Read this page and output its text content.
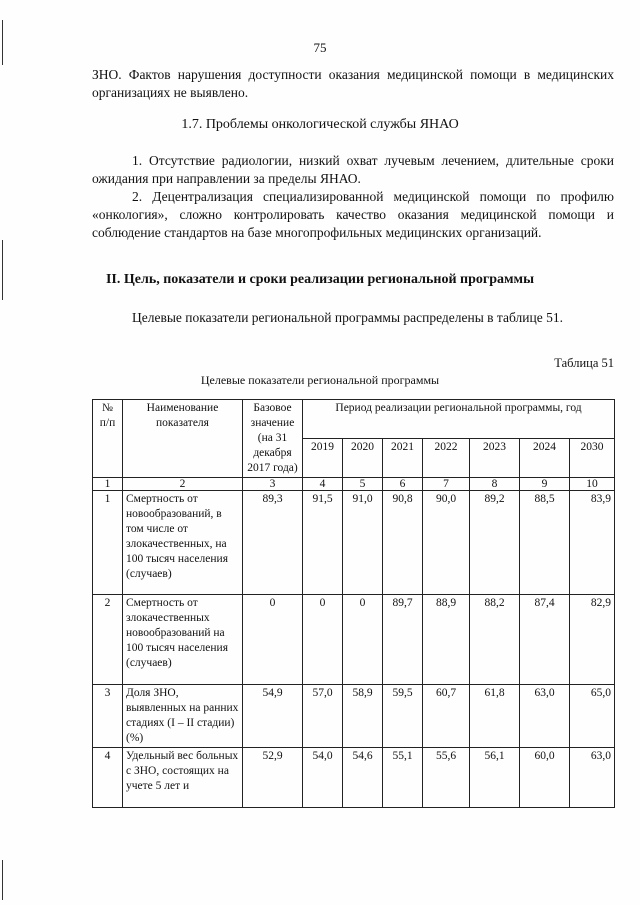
75
ЗНО. Фактов нарушения доступности оказания медицинской помощи в медицинских организациях не выявлено.
1.7. Проблемы онкологической службы ЯНАО
1. Отсутствие радиологии, низкий охват лучевым лечением, длительные сроки ожидания при направлении за пределы ЯНАО.
2. Децентрализация специализированной медицинской помощи по профилю «онкология», сложно контролировать качество оказания медицинской помощи и соблюдение стандартов на базе многопрофильных медицинских организаций.
II. Цель, показатели и сроки реализации региональной программы
Целевые показатели региональной программы распределены в таблице 51.
Таблица 51
Целевые показатели региональной программы
№ п/п	Наименование показателя	Базовое значение (на 31 декабря 2017 года)	Период реализации региональной программы, год						
			2019	2020	2021	2022	2023	2024	2030
1	2	3	4	5	6	7	8	9	10
1	Смертность от новообразований, в том числе от злокачественных, на 100 тысяч населения (случаев)	89,3	91,5	91,0	90,8	90,0	89,2	88,5	83,9
2	Смертность от злокачественных новообразований на 100 тысяч населения (случаев)	0	0	0	89,7	88,9	88,2	87,4	82,9
3	Доля ЗНО, выявленных на ранних стадиях (I – II стадии) (%)	54,9	57,0	58,9	59,5	60,7	61,8	63,0	65,0
4	Удельный вес больных с ЗНО, состоящих на учете 5 лет и	52,9	54,0	54,6	55,1	55,6	56,1	60,0	63,0
